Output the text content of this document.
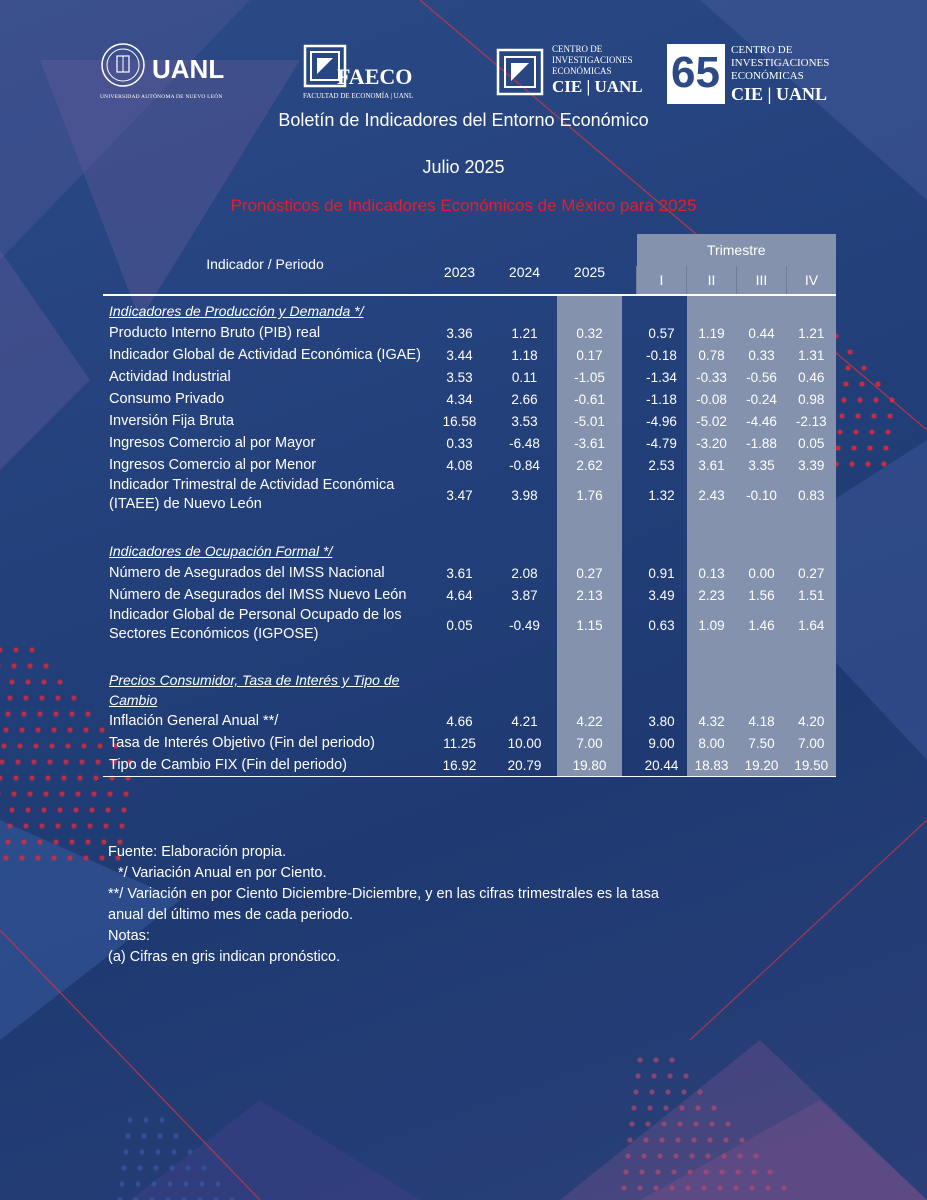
UANL
UNIVERSIDAD AUTÓNOMA DE NUEVO LEÓN
FAECO
FACULTAD DE ECONOMÍA | UANL
CENTRO DE
INVESTIGACIONES
ECONÓMICAS
CIE | UANL 65 CENTRO DE
INVESTIGACIONES
ECONÓMICAS
CIE | UANL
Boletín de Indicadores del Entorno Económico
Julio 2025
Pronósticos de Indicadores Económicos de México para 2025
Indicador / Periodo	2023	2024	2025		Trimestre			
					I	II	III	IV
Indicadores de Producción y Demanda */								
Producto Interno Bruto (PIB) real	3.36	1.21	0.32		0.57	1.19	0.44	1.21
Indicador Global de Actividad Económica (IGAE)	3.44	1.18	0.17		-0.18	0.78	0.33	1.31
Actividad Industrial	3.53	0.11	-1.05		-1.34	-0.33	-0.56	0.46
Consumo Privado	4.34	2.66	-0.61		-1.18	-0.08	-0.24	0.98
Inversión Fija Bruta	16.58	3.53	-5.01		-4.96	-5.02	-4.46	-2.13
Ingresos Comercio al por Mayor	0.33	-6.48	-3.61		-4.79	-3.20	-1.88	0.05
Ingresos Comercio al por Menor	4.08	-0.84	2.62		2.53	3.61	3.35	3.39
Indicador Trimestral de Actividad Económica (ITAEE) de Nuevo León	3.47	3.98	1.76		1.32	2.43	-0.10	0.83

Indicadores de Ocupación Formal */								
Número de Asegurados del IMSS Nacional	3.61	2.08	0.27		0.91	0.13	0.00	0.27
Número de Asegurados del IMSS Nuevo León	4.64	3.87	2.13		3.49	2.23	1.56	1.51
Indicador Global de Personal Ocupado de los Sectores Económicos (IGPOSE)	0.05	-0.49	1.15		0.63	1.09	1.46	1.64

Precios Consumidor, Tasa de Interés y Tipo de Cambio								
Inflación General Anual **/	4.66	4.21	4.22		3.80	4.32	4.18	4.20
Tasa de Interés Objetivo (Fin del periodo)	11.25	10.00	7.00		9.00	8.00	7.50	7.00
Tipo de Cambio FIX (Fin del periodo)	16.92	20.79	19.80		20.44	18.83	19.20	19.50
Fuente: Elaboración propia.
*/ Variación Anual en por Ciento.
**/ Variación en por Ciento Diciembre-Diciembre, y en las cifras trimestrales es la tasa anual del último mes de cada periodo.
Notas:
(a) Cifras en gris indican pronóstico.
